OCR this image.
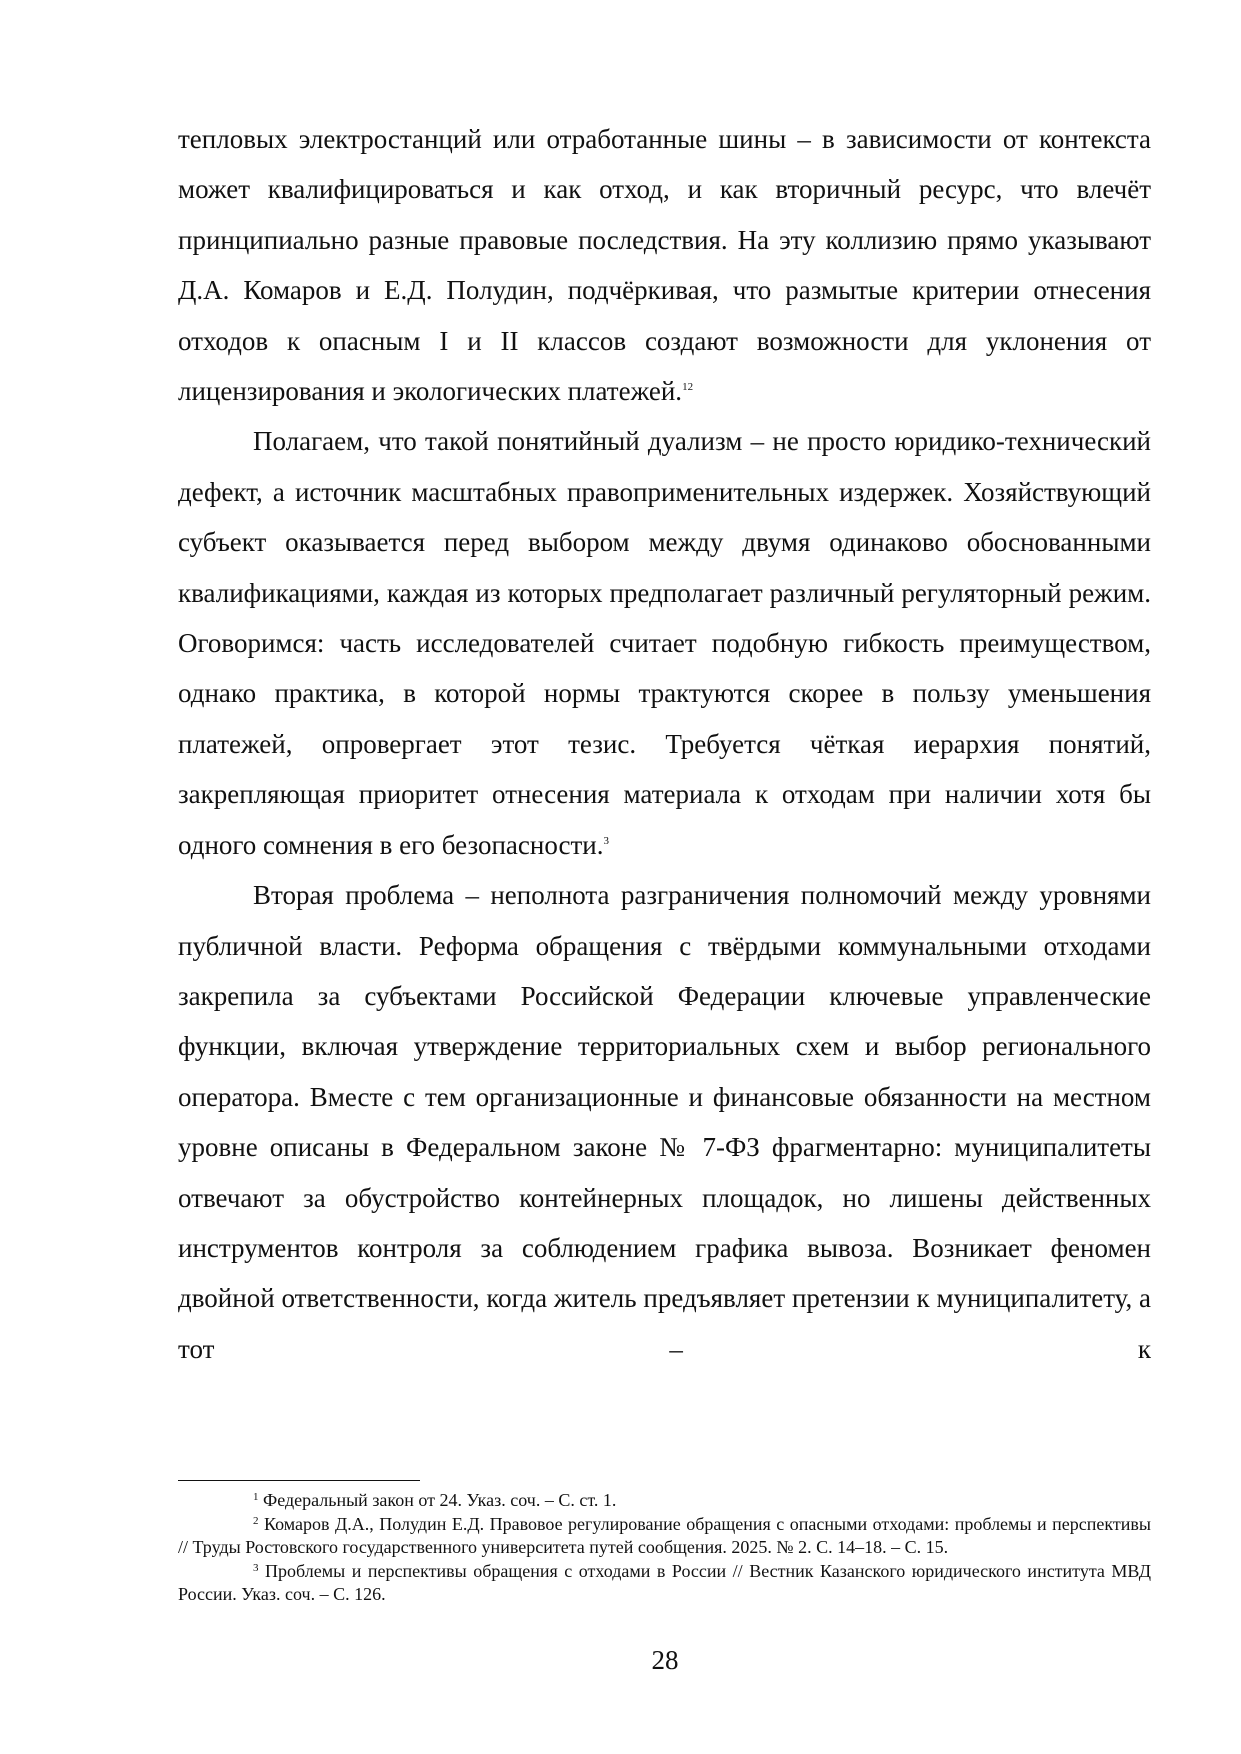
тепловых электростанций или отработанные шины – в зависимости от контекста может квалифицироваться и как отход, и как вторичный ресурс, что влечёт принципиально разные правовые последствия. На эту коллизию прямо указывают Д.А. Комаров и Е.Д. Полудин, подчёркивая, что размытые критерии отнесения отходов к опасным I и II классов создают возможности для уклонения от лицензирования и экологических платежей.$^{12}$

Полагаем, что такой понятийный дуализм – не просто юридико-технический дефект, а источник масштабных правоприменительных издержек. Хозяйствующий субъект оказывается перед выбором между двумя одинаково обоснованными квалификациями, каждая из которых предполагает различный регуляторный режим. Оговоримся: часть исследователей считает подобную гибкость преимуществом, однако практика, в которой нормы трактуются скорее в пользу уменьшения платежей, опровергает этот тезис. Требуется чёткая иерархия понятий, закрепляющая приоритет отнесения материала к отходам при наличии хотя бы одного сомнения в его безопасности.$^3$

Вторая проблема – неполнота разграничения полномочий между уровнями публичной власти. Реформа обращения с твёрдыми коммунальными отходами закрепила за субъектами Российской Федерации ключевые управленческие функции, включая утверждение территориальных схем и выбор регионального оператора. Вместе с тем организационные и финансовые обязанности на местном уровне описаны в Федеральном законе № 7-ФЗ фрагментарно: муниципалитеты отвечают за обустройство контейнерных площадок, но лишены действенных инструментов контроля за соблюдением графика вывоза. Возникает феномен двойной ответственности, когда житель предъявляет претензии к муниципалитету, а тот – к

$^1$ Федеральный закон от 24. Указ. соч. – С. ст. 1.

$^2$ Комаров Д.А., Полудин Е.Д. Правовое регулирование обращения с опасными отходами: проблемы и перспективы // Труды Ростовского государственного университета путей сообщения. 2025. № 2. С. 14–18. – С. 15.

$^3$ Проблемы и перспективы обращения с отходами в России // Вестник Казанского юридического института МВД России. Указ. соч. – С. 126.

28
